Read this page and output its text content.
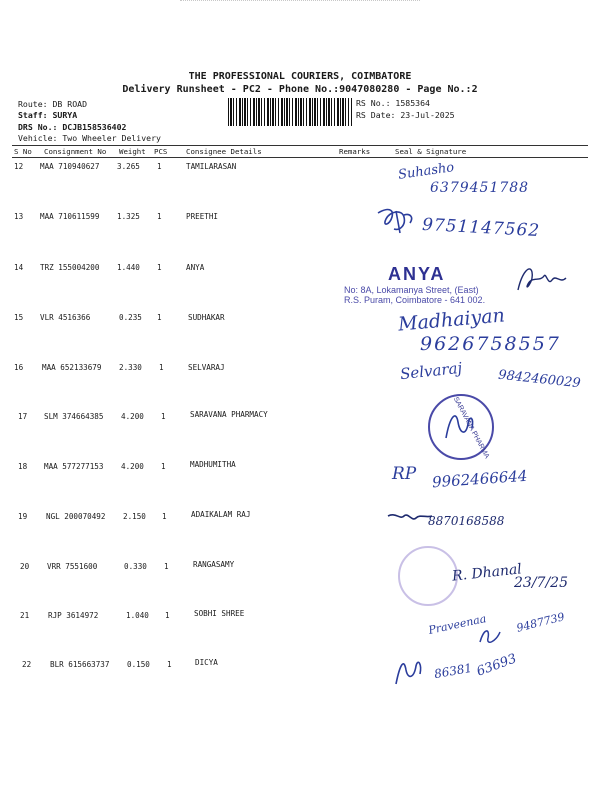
THE PROFESSIONAL COURIERS, COIMBATORE
Delivery Runsheet - PC2 - Phone No.:9047080280 - Page No.:2
Route: DB ROAD
Staff: SURYA
DRS No.: DCJB158536402
Vehicle: Two Wheeler Delivery
RS No.: 1585364
RS Date: 23-Jul-2025
S No Consignment No Weight PCS	Consignee Details	Remarks	Seal & Signature
12 MAA 710940627 3.265 1	TAMILARASAN
13 MAA 710611599 1.325 1	PREETHI
14 TRZ 155004200 1.440 1	ANYA
15 VLR 4516366	0.235 1	SUDHAKAR
16 MAA 652133679 2.330 1	SELVARAJ
17 SLM 374664385 4.200 1	SARAVANA PHARMACY
18 MAA 577277153 4.200 1	MADHUMITHA
19 NGL 200070492 2.150 1	ADAIKALAM RAJ
20 VRR 7551600	0.330 1	RANGASAMY
21 RJP 3614972	1.040 1	SOBHI SHREE
22 BLR 615663737 0.150 1	DICYA
Suhasho
6379451788
9751147562
ANYA
No: 8A, Lokamanya Street, (East)
R.S. Puram, Coimbatore - 641 002.
Madhaiyan
9626758557
Selvaraj	9842460029
SARAVANA PHARMA
RP 9962466644
8870168588
R. Dhanal
23/7/25
Praveenaa	9487739
86381 63693
